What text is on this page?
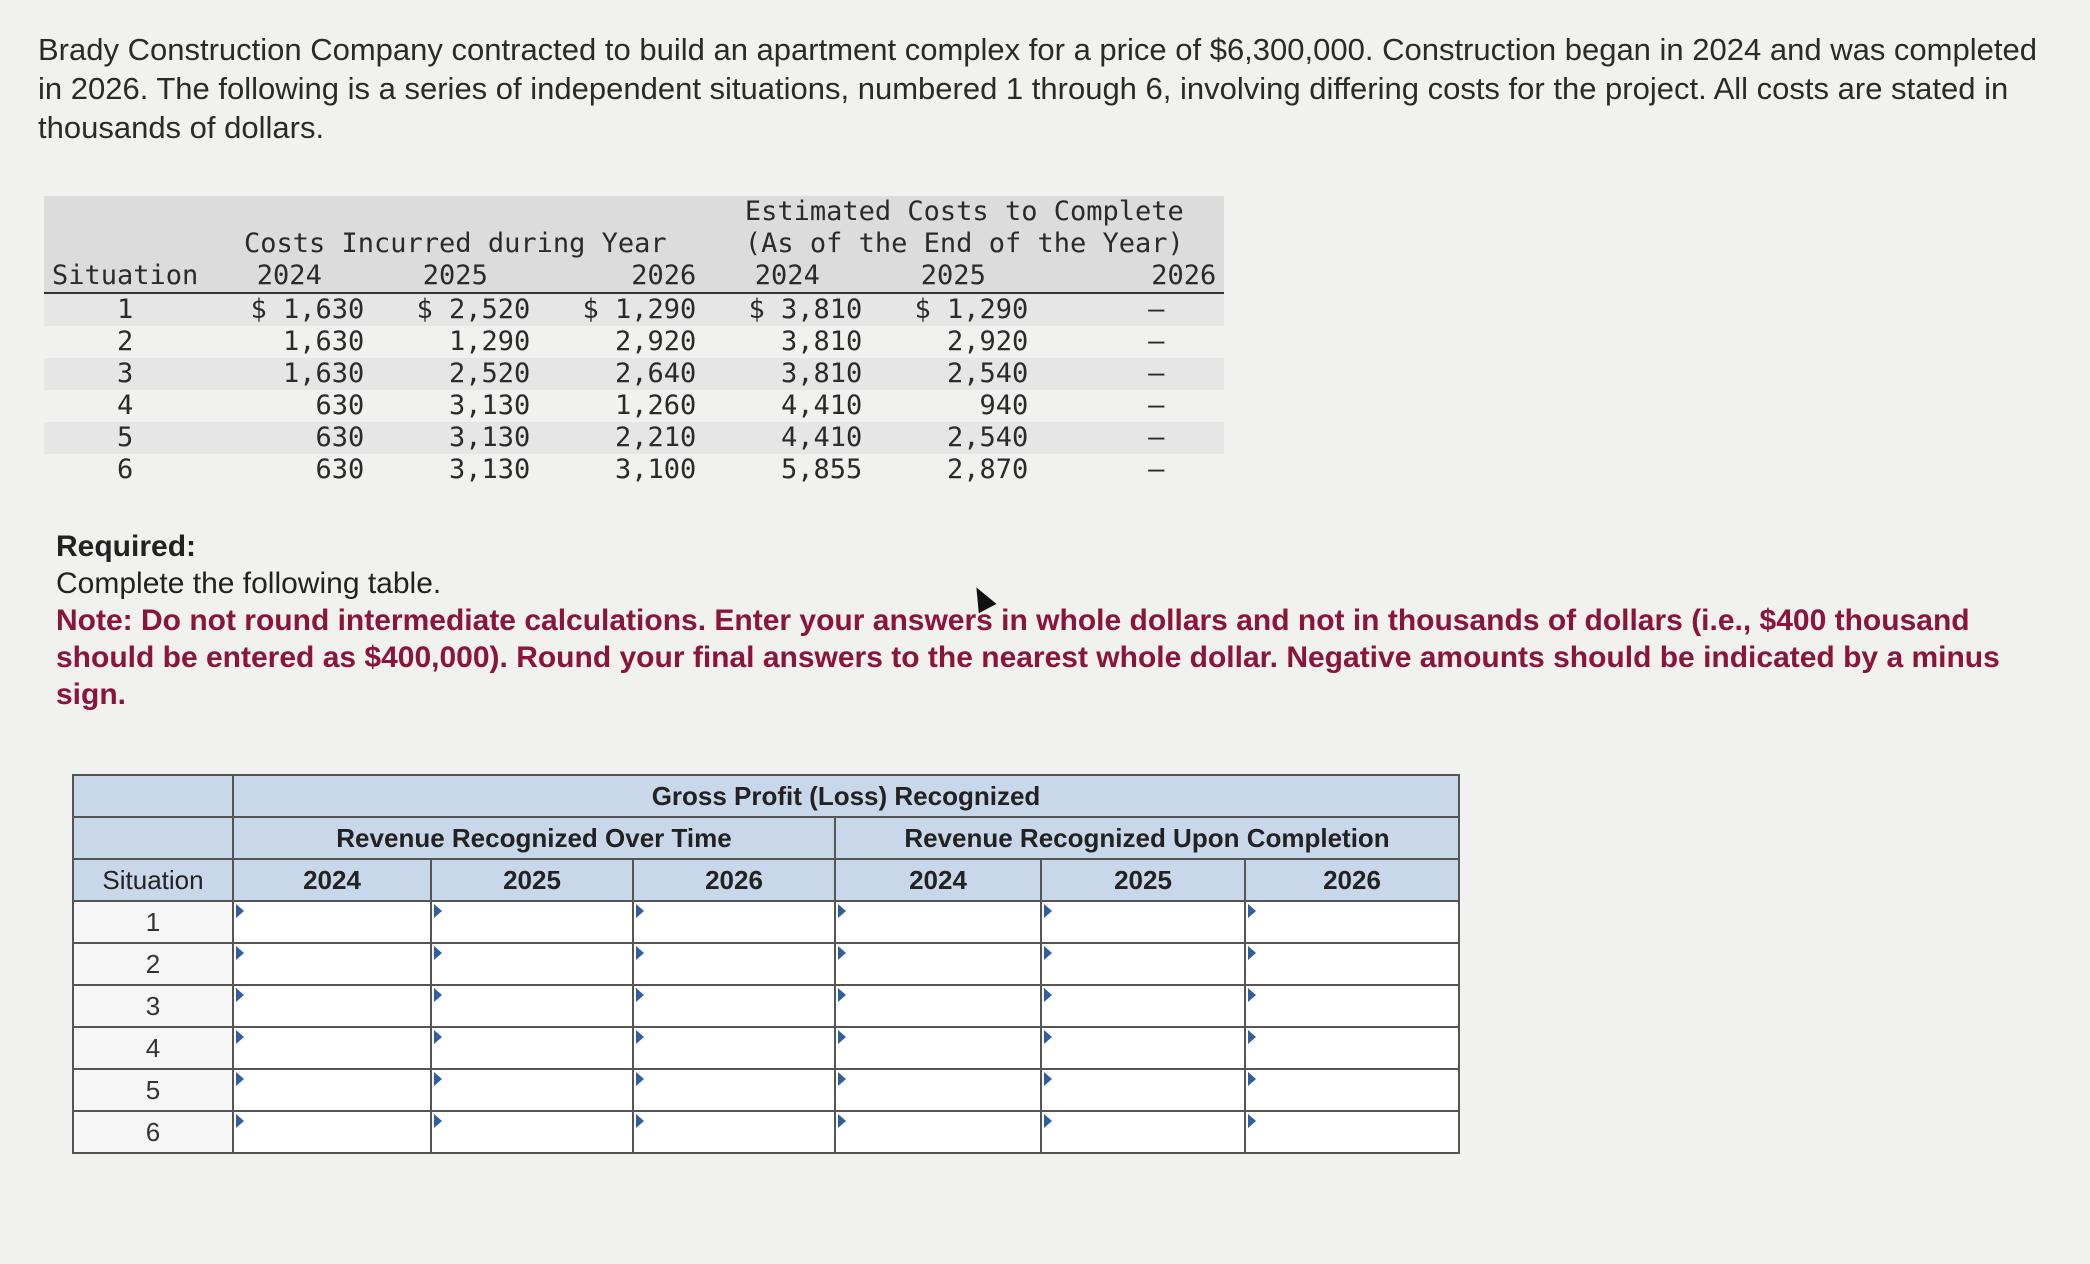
Brady Construction Company contracted to build an apartment complex for a price of $6,300,000. Construction began in 2024 and was completed in 2026. The following is a series of independent situations, numbered 1 through 6, involving differing costs for the project. All costs are stated in thousands of dollars.
				Estimated Costs to Complete		
	Costs Incurred during Year			(As of the End of the Year)		
Situation	2024	2025	2026	2024	2025	2026
1	$ 1,630	$ 2,520	$ 1,290	$ 3,810	$ 1,290	–
2	1,630	1,290	2,920	3,810	2,920	–
3	1,630	2,520	2,640	3,810	2,540	–
4	630	3,130	1,260	4,410	940	–
5	630	3,130	2,210	4,410	2,540	–
6	630	3,130	3,100	5,855	2,870	–
Required:
Complete the following table.
Note: Do not round intermediate calculations. Enter your answers in whole dollars and not in thousands of dollars (i.e., $400 thousand should be entered as $400,000). Round your final answers to the nearest whole dollar. Negative amounts should be indicated by a minus sign.
	Gross Profit (Loss) Recognized					
	Revenue Recognized Over Time			Revenue Recognized Upon Completion		
Situation	2024	2025	2026	2024	2025	2026
1						
2						
3						
4						
5						
6						
